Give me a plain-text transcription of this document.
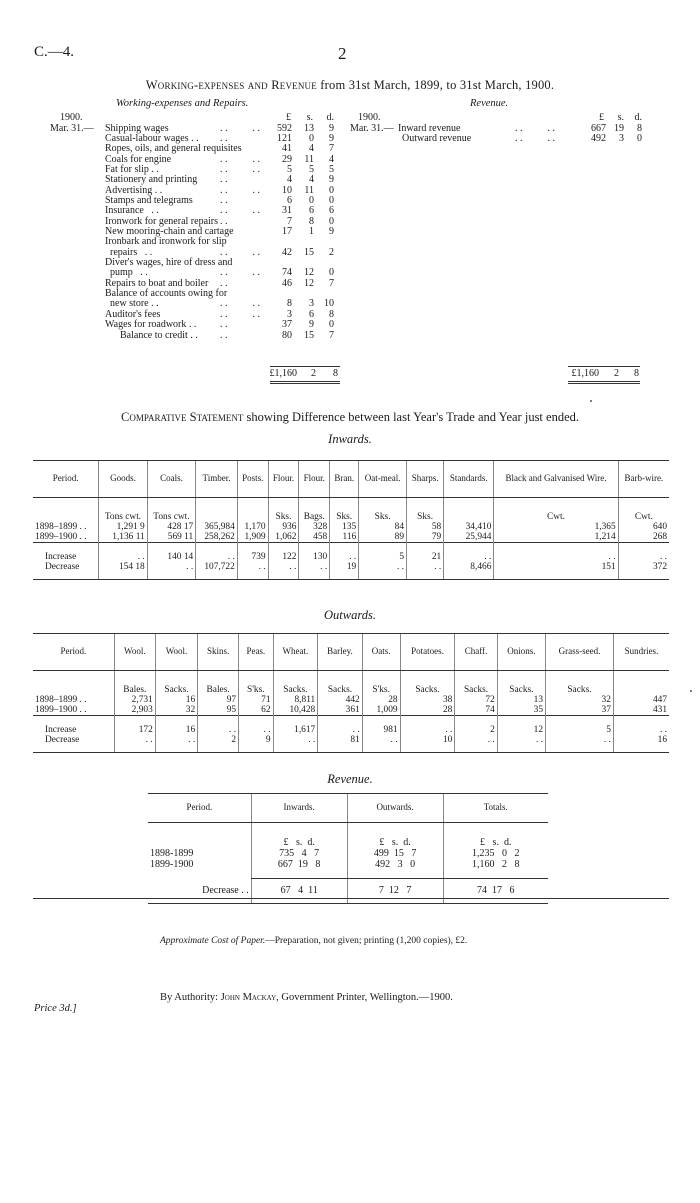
C.—4.	2
Working-expenses and Revenue from 31st March, 1899, to 31st March, 1900.
Working-expenses and Repairs.	Revenue.
1900.
Mar. 31.—
£	s.	d.
Shipping wages	. .          . .	592	13	9
Casual-labour wages . . . .	121	0	9
Ropes, oils, and general requisites	41	4	7
Coals for engine	. .          . .	29	11	4
Fat for slip . .	. .          . .	5	5	5
Stationery and printing . .	4	4	9
Advertising . .	. .          . .	10	11	0
Stamps and telegrams	. .	6	0	0
Insurance   . .	. .          . .	31	6	6
Ironwork for general repairs . .	7	8	0
New mooring-chain and cartage	17	1	9
Ironbark and ironwork for slip
repairs   . .	. .          . .	42	15	2
Diver's wages, hire of dress and
pump   . .	. .          . .	74	12	0
Repairs to boat and boiler . .	46	12	7
Balance of accounts owing for
new store . .	. .          . .	8	3	10
Auditor's fees	. .          . .	3	6	8
Wages for roadwork . . . .	37	9	0
Balance to credit . . . .	80	15	7
£1,160	2	8
1900.
Mar. 31.—
£	s.	d.
Inward revenue	. .          . .	667 19	8
Outward revenue	. .          . .	492	3	0
£1,160	2	8
Comparative Statement showing Difference between last Year's Trade and Year just ended.
Inwards.
Period.	Goods.	Coals.	Timber.	Posts.	Flour.	Flour.	Bran.	Oat-meal.	Sharps.	Standards.	Black and Galvanised Wire.	Barb-wire.

	Tons cwt.	Tons cwt.			Sks.	Bags.	Sks.	Sks.	Sks.		Cwt.	Cwt.
1898–1899 . .	1,291 9	428 17	365,984	1,170	936	328	135	84	58	34,410	1,365	640
1899–1900 . .	1,136 11	569 11	258,262	1,909	1,062	458	116	89	79	25,944	1,214	268

Increase	. .	140 14	. .	739	122	130	. .	5	21	. .	. .	. .
Decrease	154 18	. .	107,722	. .	. .	. .	19	. .	. .	8,466	151	372

Outwards.
Period.	Wool.	Wool.	Skins.	Peas.	Wheat.	Barley.	Oats.	Potatoes.	Chaff.	Onions.	Grass-seed.	Sundries.

	Bales.	Sacks.	Bales.	S'ks.	Sacks.	Sacks.	S'ks.	Sacks.	Sacks.	Sacks.	Sacks.	
1898–1899 . .	2,731	16	97	71	8,811	442	28	38	72	13	32	447
1899–1900 . .	2,903	32	95	62	10,428	361	1,009	28	74	35	37	431

Increase	172	16	. .	. .	1,617	. .	981	. .	2	12	5	. .
Decrease	. .	. .	2	9	. .	81	. .	10	. .	. .	. .	16

Revenue.
Period.	Inwards.	Outwards.	Totals.

	£   s.  d.	£   s.  d.	£   s.  d.
1898-1899	735   4   7	499  15   7	1,235   0   2
1899-1900	667  19   8	492   3   0	1,160   2   8

Decrease . .	67   4  11	7  12   7	74  17   6

Approximate Cost of Paper.—Preparation, not given; printing (1,200 copies), £2.
By Authority: John Mackay, Government Printer, Wellington.—1900.
Price 3d.]
